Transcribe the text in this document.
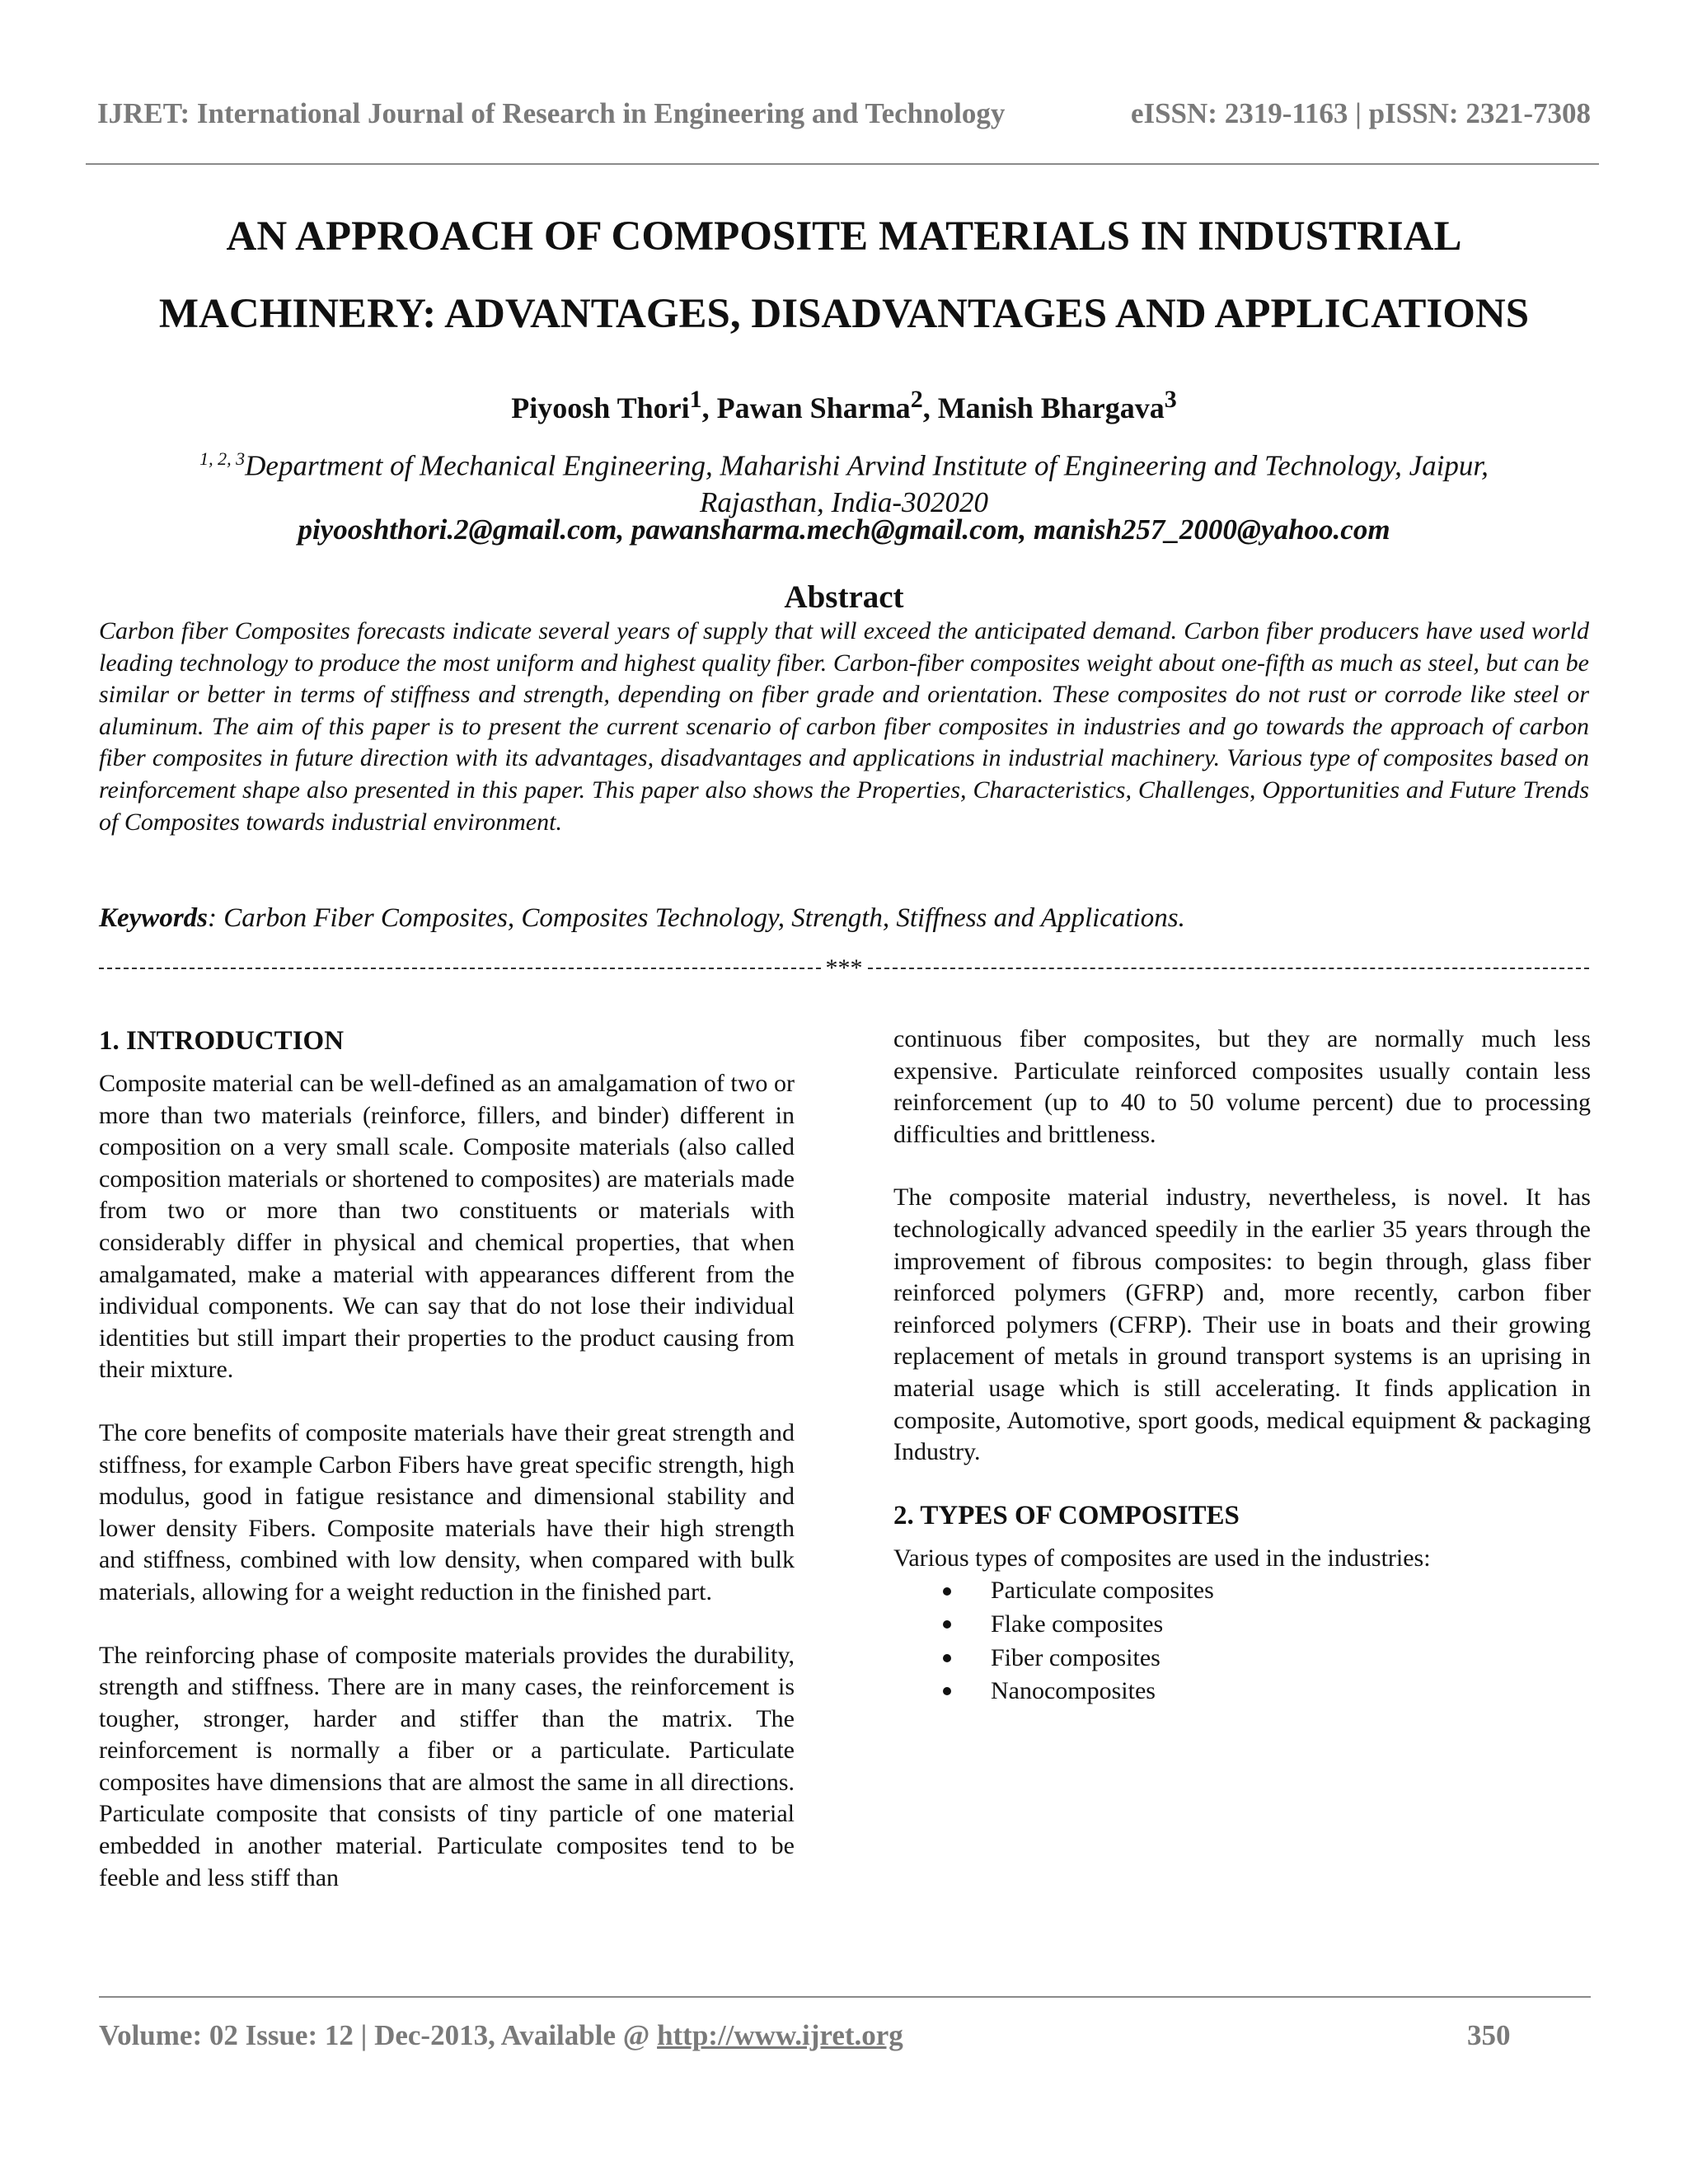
IJRET: International Journal of Research in Engineering and Technology	eISSN: 2319-1163 | pISSN: 2321-7308
AN APPROACH OF COMPOSITE MATERIALS IN INDUSTRIAL
MACHINERY: ADVANTAGES, DISADVANTAGES AND APPLICATIONS
Piyoosh Thori$^1$, Pawan Sharma$^2$, Manish Bhargava$^3$
$^{1, 2, 3}$Department of Mechanical Engineering, Maharishi Arvind Institute of Engineering and Technology, Jaipur,
Rajasthan, India-302020
piyooshthori.2@gmail.com, pawansharma.mech@gmail.com, manish257_2000@yahoo.com
Abstract
Carbon fiber Composites forecasts indicate several years of supply that will exceed the anticipated demand. Carbon fiber producers have used world leading technology to produce the most uniform and highest quality fiber. Carbon-fiber composites weight about one-fifth as much as steel, but can be similar or better in terms of stiffness and strength, depending on fiber grade and orientation. These composites do not rust or corrode like steel or aluminum. The aim of this paper is to present the current scenario of carbon fiber composites in industries and go towards the approach of carbon fiber composites in future direction with its advantages, disadvantages and applications in industrial machinery. Various type of composites based on reinforcement shape also presented in this paper. This paper also shows the Properties, Characteristics, Challenges, Opportunities and Future Trends of Composites towards industrial environment.
Keywords: Carbon Fiber Composites, Composites Technology, Strength, Stiffness and Applications.
***
1. INTRODUCTION

Composite material can be well-defined as an amalgamation of two or more than two materials (reinforce, fillers, and binder) different in composition on a very small scale. Composite materials (also called composition materials or shortened to composites) are materials made from two or more than two constituents or materials with considerably differ in physical and chemical properties, that when amalgamated, make a material with appearances different from the individual components. We can say that do not lose their individual identities but still impart their properties to the product causing from their mixture.

The core benefits of composite materials have their great strength and stiffness, for example Carbon Fibers have great specific strength, high modulus, good in fatigue resistance and dimensional stability and lower density Fibers. Composite materials have their high strength and stiffness, combined with low density, when compared with bulk materials, allowing for a weight reduction in the finished part.

The reinforcing phase of composite materials provides the durability, strength and stiffness. There are in many cases, the reinforcement is tougher, stronger, harder and stiffer than the matrix. The reinforcement is normally a fiber or a particulate. Particulate composites have dimensions that are almost the same in all directions. Particulate composite that consists of tiny particle of one material embedded in another material. Particulate composites tend to be feeble and less stiff than

continuous fiber composites, but they are normally much less expensive. Particulate reinforced composites usually contain less reinforcement (up to 40 to 50 volume percent) due to processing difficulties and brittleness.

The composite material industry, nevertheless, is novel. It has technologically advanced speedily in the earlier 35 years through the improvement of fibrous composites: to begin through, glass fiber reinforced polymers (GFRP) and, more recently, carbon fiber reinforced polymers (CFRP). Their use in boats and their growing replacement of metals in ground transport systems is an uprising in material usage which is still accelerating. It finds application in composite, Automotive, sport goods, medical equipment & packaging Industry.

2. TYPES OF COMPOSITES

Various types of composites are used in the industries:

Particulate composites
Flake composites
Fiber composites
Nanocomposites
Volume: 02 Issue: 12 | Dec-2013, Available @ http://www.ijret.org	350
